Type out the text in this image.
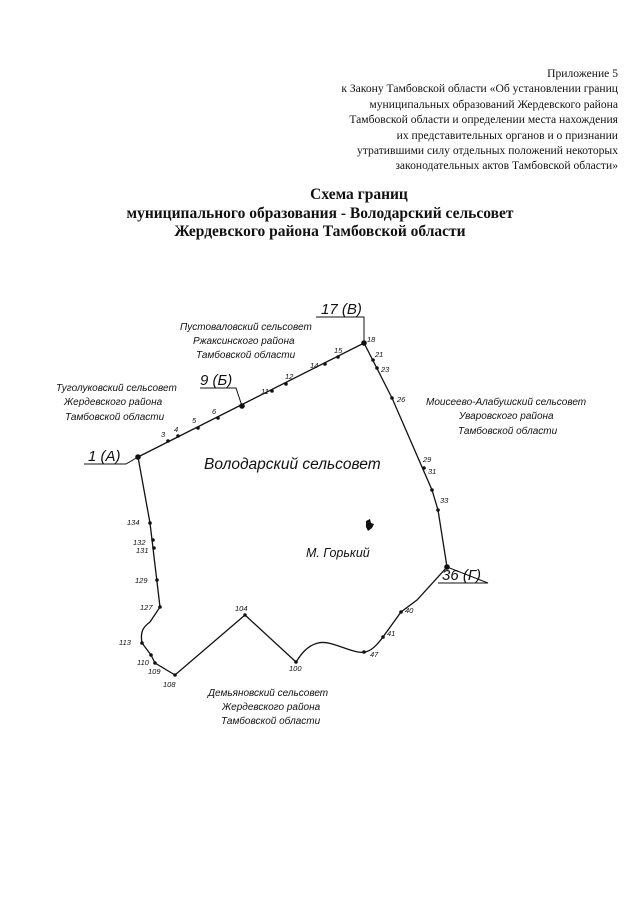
Приложение 5
к Закону Тамбовской области «Об установлении границ
муниципальных образований Жердевского района
Тамбовской области и определении места нахождения
их представительных органов и о признании
утратившими силу отдельных положений некоторых
законодательных актов Тамбовской области»
Схема границ
муниципального образования - Володарский сельсовет
Жердевского района Тамбовской области
1 (А)
9 (Б)
17 (В)
36 (Г)
Володарский сельсовет
М. Горький
Пустоваловский сельсовет
Ржаксинского района
Тамбовской области
Туголуковский сельсовет
Жердевского района
Тамбовской области
Моисеево-Алабушский сельсовет
Уваровского района
Тамбовской области
Демьяновский сельсовет
Жердевского района
Тамбовской области
3
4
5
6
11
12
14
15
18
21
23
26
29
31
33
40
41
47
100
104
108
109
110
113
127
129
131
132
134
